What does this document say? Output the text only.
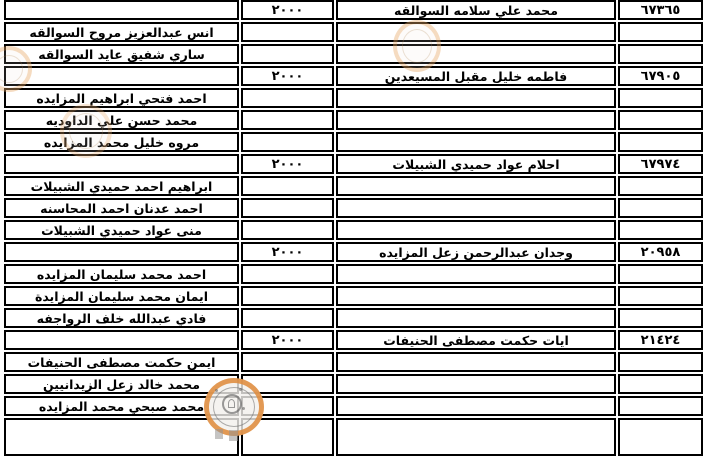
٦٧٣٦٥	محمد علي سلامه السوالقه	٢٠٠٠	
			انس عبدالعزيز مروح السوالقه
			ساري شفيق عايد السوالقه
٦٧٩٠٥	فاطمه خليل مقبل المسيعدين	٢٠٠٠	
			احمد فتحي ابراهيم المزايده
			محمد حسن علي الداوديه
			مروه خليل محمد المزايده
٦٧٩٧٤	احلام عواد حميدي الشبيلات	٢٠٠٠	
			ابراهيم احمد حميدي الشبيلات
			احمد عدنان احمد المحاسنه
			منى عواد حميدي الشبيلات
٢٠٩٥٨	وجدان عبدالرحمن زعل المزايده	٢٠٠٠	
			احمد محمد سليمان المزايده
			ايمان محمد سليمان المزايدة
			فادي عبدالله خلف الرواجفه
٢١٤٢٤	ايات حكمت مصطفى الحنيفات	٢٠٠٠	
			ايمن حكمت مصطفى الحنيفات
			محمد خالد زعل الزيدانيين
			محمد صبحي محمد المزايده
